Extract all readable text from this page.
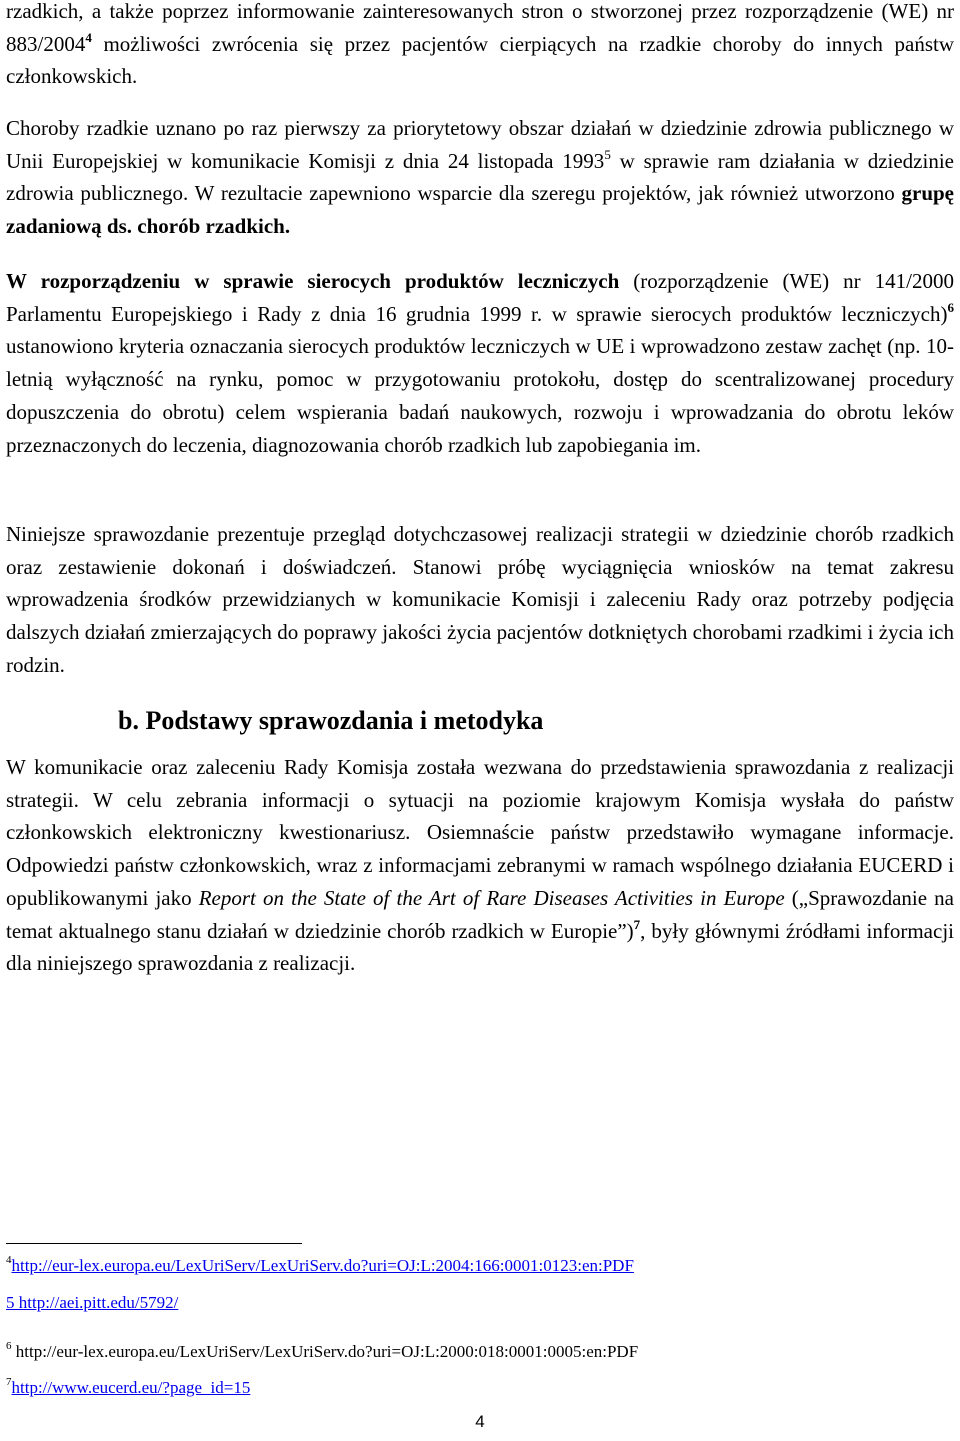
rzadkich, a także poprzez informowanie zainteresowanych stron o stworzonej przez rozporządzenie (WE) nr 883/2004$^4$ możliwości zwrócenia się przez pacjentów cierpiących na rzadkie choroby do innych państw członkowskich.

Choroby rzadkie uznano po raz pierwszy za priorytetowy obszar działań w dziedzinie zdrowia publicznego w Unii Europejskiej w komunikacie Komisji z dnia 24 listopada 1993$^5$ w sprawie ram działania w dziedzinie zdrowia publicznego. W rezultacie zapewniono wsparcie dla szeregu projektów, jak również utworzono grupę zadaniową ds. chorób rzadkich.

W rozporządzeniu w sprawie sierocych produktów leczniczych (rozporządzenie (WE) nr 141/2000 Parlamentu Europejskiego i Rady z dnia 16 grudnia 1999 r. w sprawie sierocych produktów leczniczych)$^6$ ustanowiono kryteria oznaczania sierocych produktów leczniczych w UE i wprowadzono zestaw zachęt (np. 10-letnią wyłączność na rynku, pomoc w przygotowaniu protokołu, dostęp do scentralizowanej procedury dopuszczenia do obrotu) celem wspierania badań naukowych, rozwoju i wprowadzania do obrotu leków przeznaczonych do leczenia, diagnozowania chorób rzadkich lub zapobiegania im.

Niniejsze sprawozdanie prezentuje przegląd dotychczasowej realizacji strategii w dziedzinie chorób rzadkich oraz zestawienie dokonań i doświadczeń. Stanowi próbę wyciągnięcia wniosków na temat zakresu wprowadzenia środków przewidzianych w komunikacie Komisji i zaleceniu Rady oraz potrzeby podjęcia dalszych działań zmierzających do poprawy jakości życia pacjentów dotkniętych chorobami rzadkimi i życia ich rodzin.

b. Podstawy sprawozdania i metodyka

W komunikacie oraz zaleceniu Rady Komisja została wezwana do przedstawienia sprawozdania z realizacji strategii. W celu zebrania informacji o sytuacji na poziomie krajowym Komisja wysłała do państw członkowskich elektroniczny kwestionariusz. Osiemnaście państw przedstawiło wymagane informacje. Odpowiedzi państw członkowskich, wraz z informacjami zebranymi w ramach wspólnego działania EUCERD i opublikowanymi jako Report on the State of the Art of Rare Diseases Activities in Europe („Sprawozdanie na temat aktualnego stanu działań w dziedzinie chorób rzadkich w Europie”)$^7$, były głównymi źródłami informacji dla niniejszego sprawozdania z realizacji.

$^4$http://eur-lex.europa.eu/LexUriServ/LexUriServ.do?uri=OJ:L:2004:166:0001:0123:en:PDF
5 http://aei.pitt.edu/5792/
$^6$ http://eur-lex.europa.eu/LexUriServ/LexUriServ.do?uri=OJ:L:2000:018:0001:0005:en:PDF
$^7$http://www.eucerd.eu/?page_id=15
4
